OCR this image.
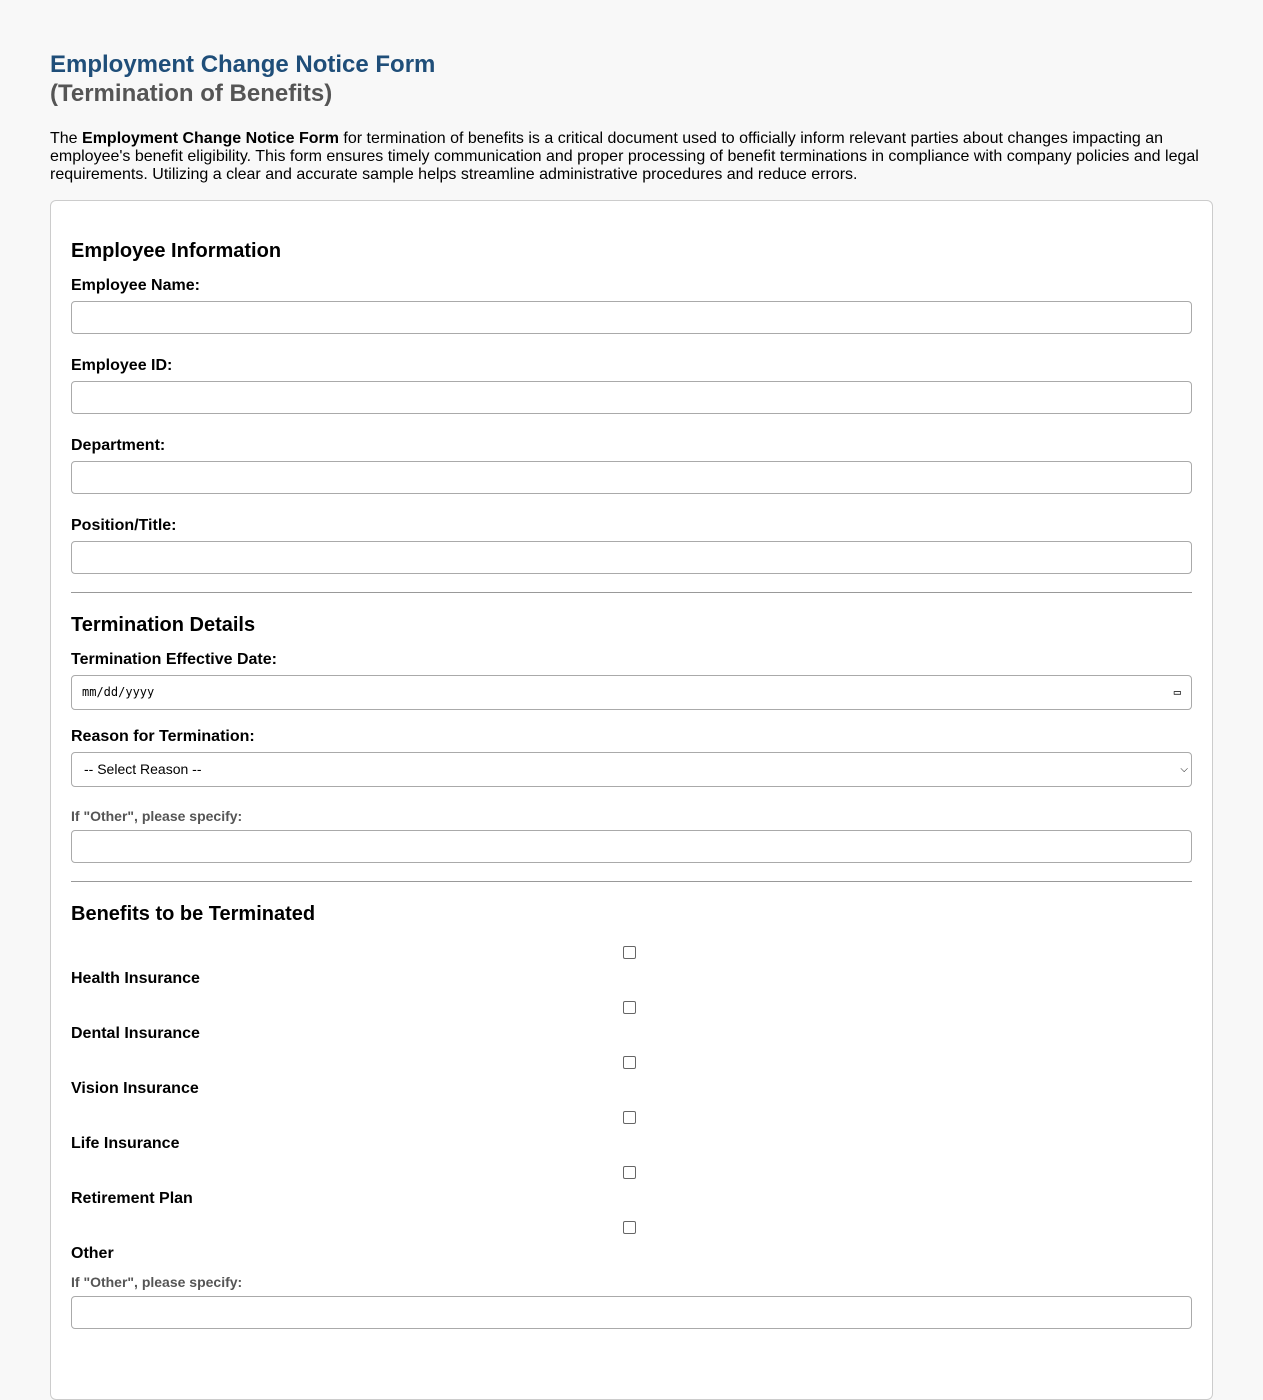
Employment Change Notice Form
(Termination of Benefits)

The Employment Change Notice Form for termination of benefits is a critical document used to officially inform relevant parties about changes impacting an employee's benefit eligibility. This form ensures timely communication and proper processing of benefit terminations in compliance with company policies and legal requirements. Utilizing a clear and accurate sample helps streamline administrative procedures and reduce errors.

Employee Information
Employee Name:
Employee ID:
Department:
Position/Title:
Termination Details
Termination Effective Date:
mm/dd/yyyy	▭
Reason for Termination:
-- Select Reason --	⌵
If "Other", please specify:
Benefits to be Terminated
Health Insurance
Dental Insurance
Vision Insurance
Life Insurance
Retirement Plan
Other
If "Other", please specify:
